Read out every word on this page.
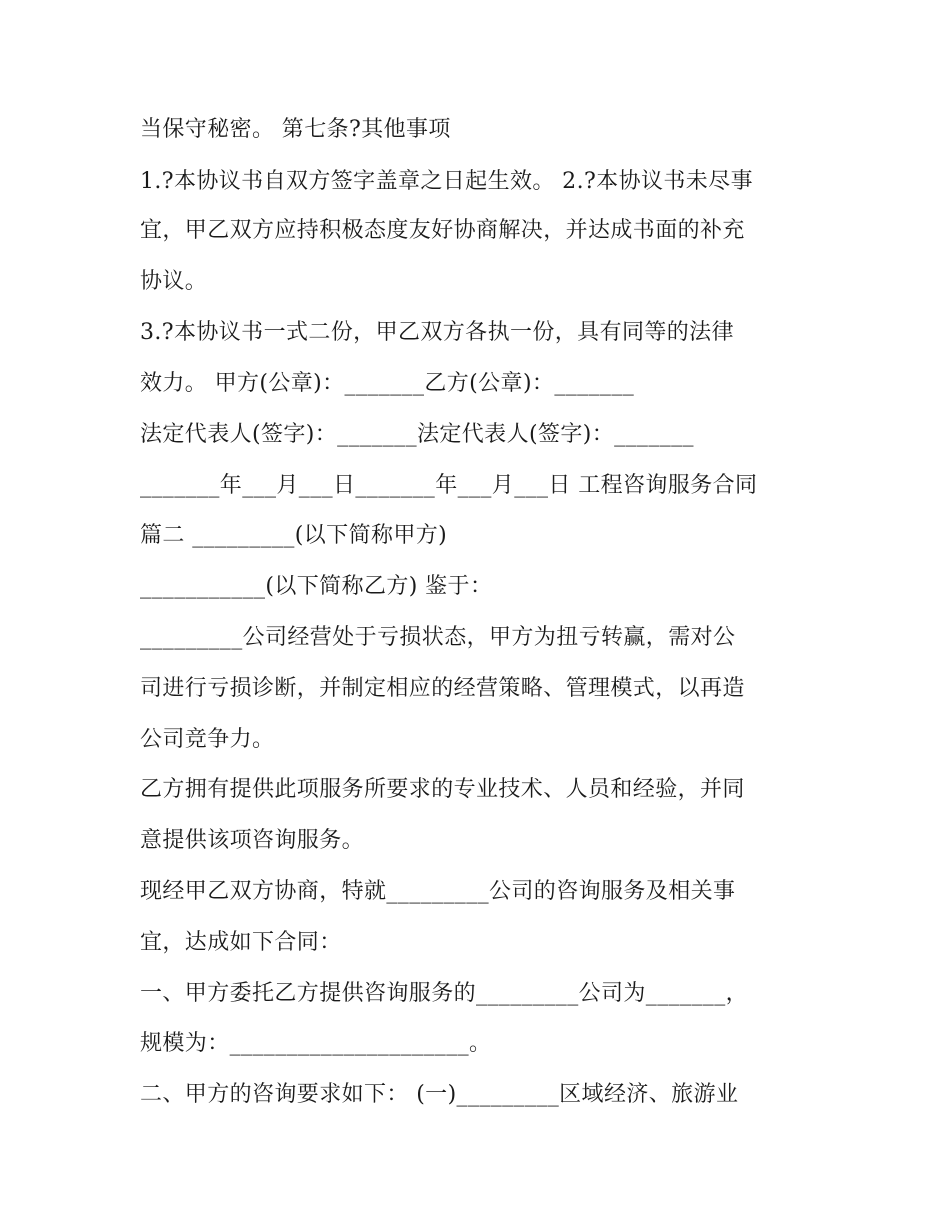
当保守秘密。 第七条?其他事项
1.?本协议书自双方签字盖章之日起生效。 2.?本协议书未尽事
宜，甲乙双方应持积极态度友好协商解决，并达成书面的补充
协议。
3.?本协议书一式二份，甲乙双方各执一份，具有同等的法律
效力。 甲方(公章)：_______乙方(公章)：_______
法定代表人(签字)：_______法定代表人(签字)：_______
_______年___月___日_______年___月___日 工程咨询服务合同
篇二 _________(以下简称甲方)
___________(以下简称乙方) 鉴于：
_________公司经营处于亏损状态，甲方为扭亏转赢，需对公
司进行亏损诊断，并制定相应的经营策略、管理模式，以再造
公司竞争力。
乙方拥有提供此项服务所要求的专业技术、人员和经验，并同
意提供该项咨询服务。
现经甲乙双方协商，特就_________公司的咨询服务及相关事
宜，达成如下合同：
一、甲方委托乙方提供咨询服务的_________公司为_______，
规模为：_____________________。
二、甲方的咨询要求如下： (一)_________区域经济、旅游业
